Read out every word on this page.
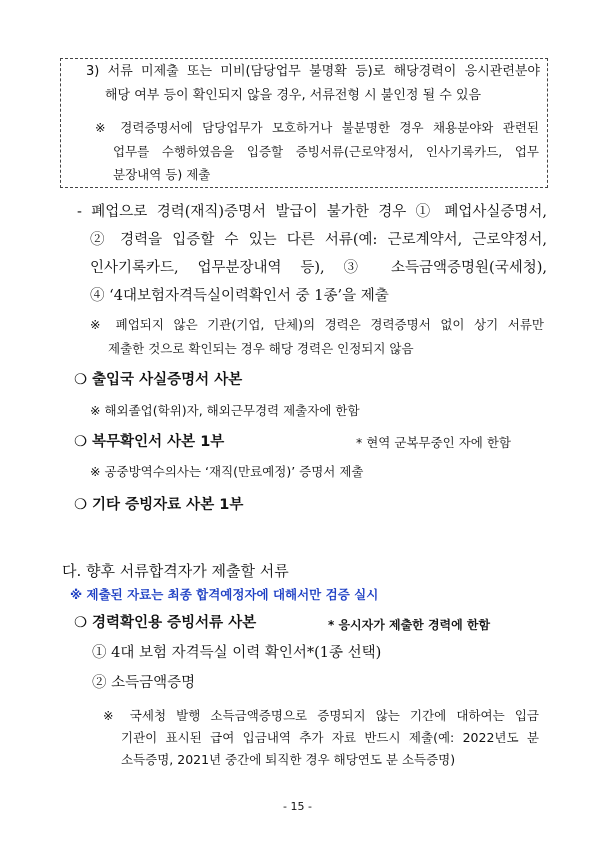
3) 서류 미제출 또는 미비(담당업무 불명확 등)로 해당경력이 응시관련분야
해당 여부 등이 확인되지 않을 경우, 서류전형 시 불인정 될 수 있음
※ 경력증명서에 담당업무가 모호하거나 불분명한 경우 채용분야와 관련된
업무를 수행하였음을 입증할 증빙서류(근로약정서, 인사기록카드, 업무
분장내역 등) 제출
- 폐업으로 경력(재직)증명서 발급이 불가한 경우 ① 폐업사실증명서,
② 경력을 입증할 수 있는 다른 서류(예: 근로계약서, 근로약정서,
인사기록카드, 업무분장내역 등), ③ 소득금액증명원(국세청),
④ ‘4대보험자격득실이력확인서 중 1종’을 제출
※ 폐업되지 않은 기관(기업, 단체)의 경력은 경력증명서 없이 상기 서류만
제출한 것으로 확인되는 경우 해당 경력은 인정되지 않음
❍ 출입국 사실증명서 사본
※ 해외졸업(학위)자, 해외근무경력 제출자에 한함
❍ 복무확인서 사본 1부	* 현역 군복무중인 자에 한함
※ 공중방역수의사는 ‘재직(만료예정)’ 증명서 제출
❍ 기타 증빙자료 사본 1부
다. 향후 서류합격자가 제출할 서류
※ 제출된 자료는 최종 합격예정자에 대해서만 검증 실시
❍ 경력확인용 증빙서류 사본	* 응시자가 제출한 경력에 한함
① 4대 보험 자격득실 이력 확인서*(1종 선택)
② 소득금액증명
※ 국세청 발행 소득금액증명으로 증명되지 않는 기간에 대하여는 입금
기관이 표시된 급여 입금내역 추가 자료 반드시 제출(예: 2022년도 분
소득증명, 2021년 중간에 퇴직한 경우 해당연도 분 소득증명)
- 15 -
